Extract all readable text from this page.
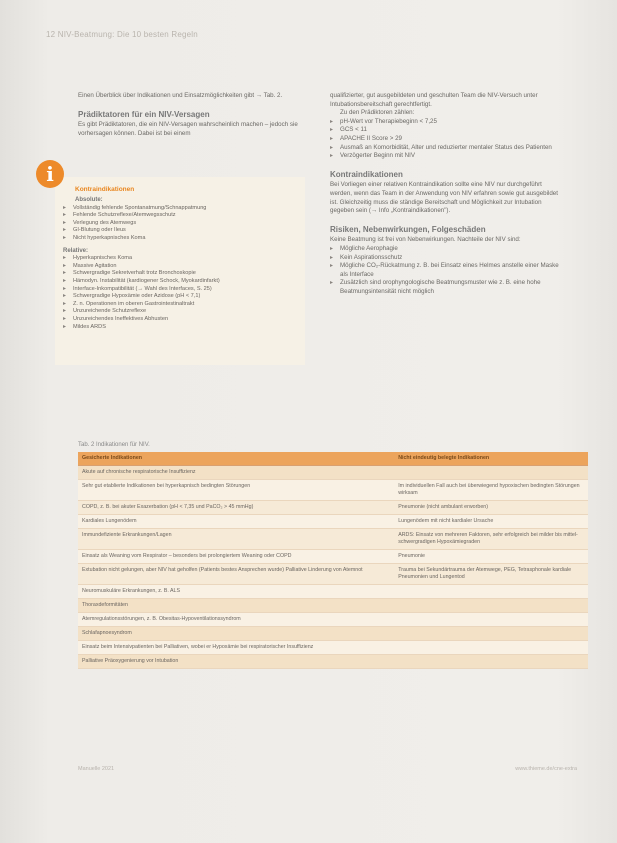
12 NIV-Beatmung: Die 10 besten Regeln

Einen Überblick über Indikationen und Einsatzmöglichkeiten gibt → Tab. 2.

Prädiktatoren für ein NIV-Versagen

Es gibt Prädiktatoren, die ein NIV-Versagen wahrscheinlich machen – jedoch sie vorhersagen können. Dabei ist bei einem

Kontraindikationen
Absolute:
▸ Vollständig fehlende Spontanatmung/Schnappatmung
▸ Fehlende Schutzreflexe/Atemwegsschutz
▸ Verlegung des Atemwegs
▸ GI-Blutung oder Ileus
▸ Nicht hyperkapnisches Koma
Relative:
▸ Hyperkapnisches Koma
▸ Massive Agitation
▸ Schwergradige Sekretverhalt trotz Bronchoskopie
▸ Hämodyn. Instabilität (kardiogener Schock, Myokardinfarkt)
▸ Interface-Inkompatibilität (→ Wahl des Interfaces, S. 25)
▸ Schwergradige Hypoxämie oder Azidose (pH < 7,1)
▸ Z. n. Operationen im oberen Gastrointestinaltrakt
▸ Unzureichende Schutzreflexe
▸ Unzureichendes Ineffektives Abhusten
▸ Mildes ARDS
i

qualifizierter, gut ausgebildeten und geschulten Team die NIV-Versuch unter Intubationsbereitschaft gerechtfertigt.

Zu den Prädiktoren zählen:

▸ pH-Wert vor Therapiebeginn < 7,25
▸ GCS < 11
▸ APACHE II Score > 29
▸ Ausmaß an Komorbidität, Alter und reduzierter mentaler Status des Patienten
▸ Verzögerter Beginn mit NIV
Kontraindikationen

Bei Vorliegen einer relativen Kontraindikation sollte eine NIV nur durchgeführt werden, wenn das Team in der Anwendung von NIV erfahren sowie gut ausgebildet ist. Gleichzeitig muss die ständige Bereitschaft und Möglichkeit zur Intubation gegeben sein (→ Info „Kontraindikationen").

Risiken, Nebenwirkungen, Folgeschäden

Keine Beatmung ist frei von Nebenwirkungen. Nachteile der NIV sind:

▸ Mögliche Aerophagie
▸ Kein Aspirationsschutz
▸ Mögliche CO₂-Rückatmung z. B. bei Einsatz eines Helmes anstelle einer Maske als Interface
▸ Zusätzlich sind orophyngologische Beatmungsmuster wie z. B. eine hohe Beatmungsintensität nicht möglich
Tab. 2 Indikationen für NIV.
Gesicherte Indikationen	Nicht eindeutig belegte Indikationen
Akute auf chronische respiratorische Insuffizienz	
Sehr gut etablierte Indikationen bei hyperkapnisch bedingten Störungen	Im individuellen Fall auch bei überwiegend hypoxischen bedingten Störungen wirksam
COPD, z. B. bei akuter Exazerbation (pH < 7,35 und PaCO₂ > 45 mmHg)	Pneumonie (nicht ambulant erworben)
Kardiales Lungenödem	Lungenödem mit nicht kardialer Ursache
Immundefiziente Erkrankungen/Lagen	ARDS: Einsatz von mehreren Faktoren, sehr erfolgreich bei milder bis mittel- schwergradigen Hypoxämiegraden
Einsatz als Weaning vom Respirator – besonders bei prolongiertem Weaning oder COPD	Pneumonie
Extubation nicht gelungen, aber NIV hat geholfen (Patients bestes Ansprechen wurde) Palliative Linderung von Atemnot	Trauma bei Sekundärtrauma der Atemwege, PEG, Tetrasphonale kardiale Pneumonien und Lungentod
Neuromuskuläre Erkrankungen, z. B. ALS	
Thoraxdeformitäten	
Atemregulationsstörungen, z. B. Obesitas-Hypoventilationssyndrom	
Schlafapnoesyndrom	
Einsatz beim Intensivpatienten bei Palliativen, wobei er Hypoxämie bei respiratorischer Insuffizienz	
Palliative Präoxygenierung vor Intubation	
Manuelle 2021	www.thieme.de/cne-extra
